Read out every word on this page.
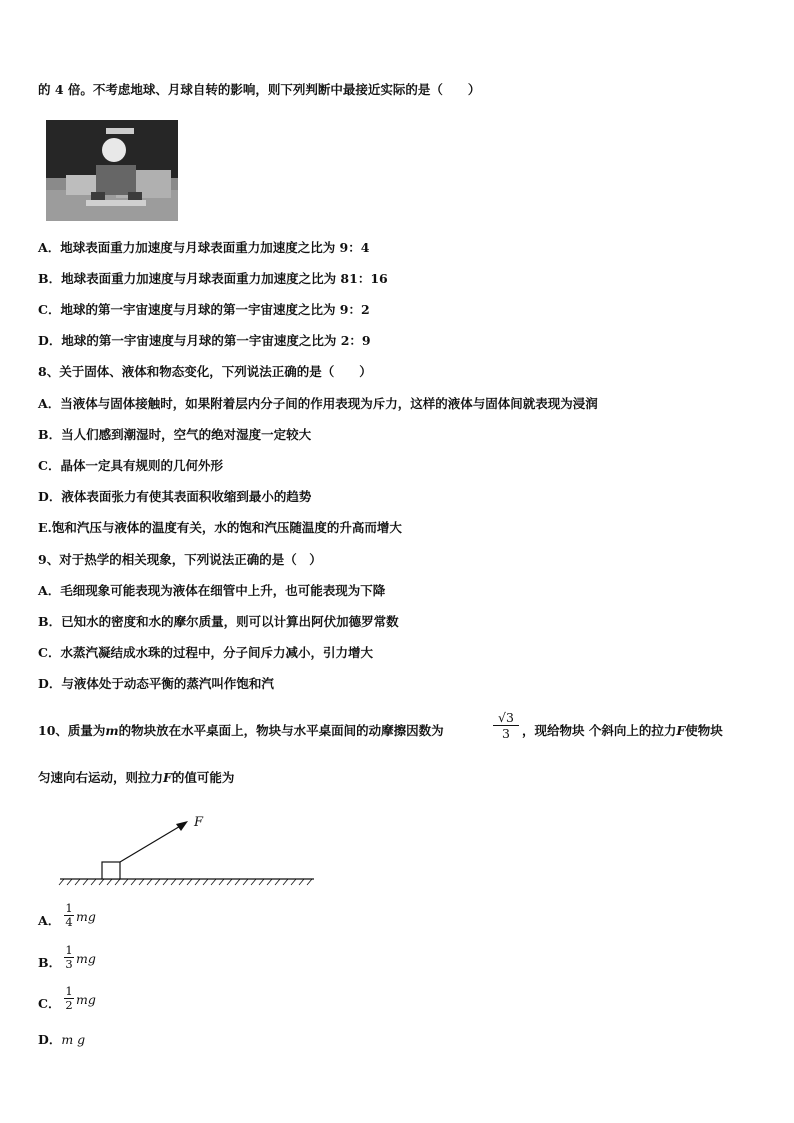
的 4 倍。不考虑地球、月球自转的影响，则下列判断中最接近实际的是（　　）
A．地球表面重力加速度与月球表面重力加速度之比为 9：4
B．地球表面重力加速度与月球表面重力加速度之比为 81：16
C．地球的第一宇宙速度与月球的第一宇宙速度之比为 9：2
D．地球的第一宇宙速度与月球的第一宇宙速度之比为 2：9
8、关于固体、液体和物态变化，下列说法正确的是（　　）
A．当液体与固体接触时，如果附着层内分子间的作用表现为斥力，这样的液体与固体间就表现为浸润
B．当人们感到潮湿时，空气的绝对湿度一定较大
C．晶体一定具有规则的几何外形
D．液体表面张力有使其表面积收缩到最小的趋势
E.饱和汽压与液体的温度有关，水的饱和汽压随温度的升高而增大
9、对于热学的相关现象，下列说法正确的是（　）
A．毛细现象可能表现为液体在细管中上升，也可能表现为下降
B．已知水的密度和水的摩尔质量，则可以计算出阿伏加德罗常数
C．水蒸汽凝结成水珠的过程中，分子间斥力减小，引力增大
D．与液体处于动态平衡的蒸汽叫作饱和汽
10、质量为m的物块放在水平桌面上，物块与水平桌面间的动摩擦因数为
√3
3 ，现给物块 个斜向上的拉力F使物块
匀速向右运动，则拉力F的值可能为
F
A．
1
4 mg
B．
1
3 mg
C．
1
2 mg
D．m g
